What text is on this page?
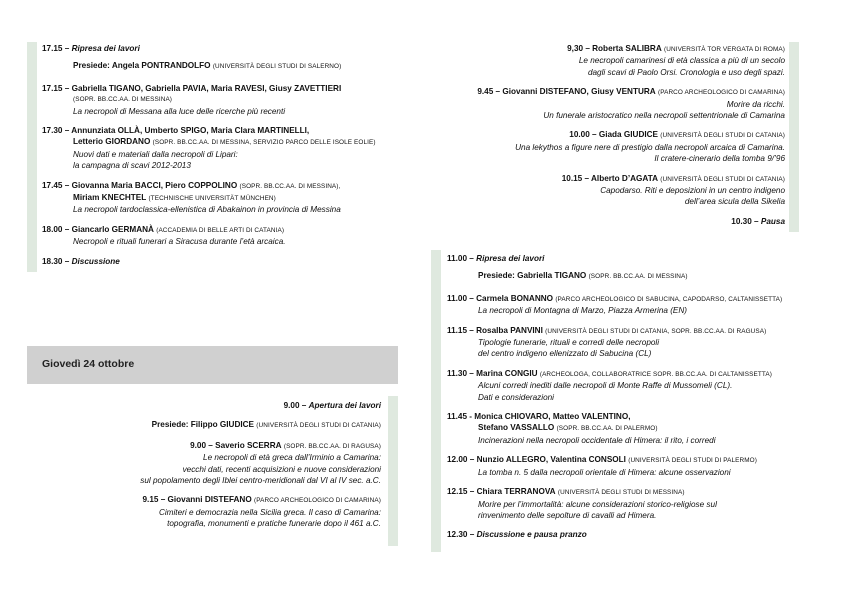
17.15 – Ripresa dei lavori
Presiede: Angela PONTRANDOLFO (UNIVERSITÀ DEGLI STUDI DI SALERNO)
17.15 – Gabriella TIGANO, Gabriella PAVIA, Maria RAVESI, Giusy ZAVETTIERI
(SOPR. BB.CC.AA. DI MESSINA)
La necropoli di Messana alla luce delle ricerche più recenti
17.30 – Annunziata OLLÀ, Umberto SPIGO, Maria Clara MARTINELLI,
Letterio GIORDANO (SOPR. BB.CC.AA. DI MESSINA, SERVIZIO PARCO DELLE ISOLE EOLIE)
Nuovi dati e materiali dalla necropoli di Lipari:
la campagna di scavi 2012-2013
17.45 – Giovanna Maria BACCI, Piero COPPOLINO (SOPR. BB.CC.AA. DI MESSINA),
Miriam KNECHTEL (TECHNISCHE UNIVERSITÄT MÜNCHEN)
La necropoli tardoclassica-ellenistica di Abakainon in provincia di Messina
18.00 – Giancarlo GERMANÀ (ACCADEMIA DI BELLE ARTI DI CATANIA)
Necropoli e rituali funerari a Siracusa durante l’età arcaica.
18.30 – Discussione
Giovedì 24 ottobre
9.00 – Apertura dei lavori
Presiede: Filippo GIUDICE (UNIVERSITÀ DEGLI STUDI DI CATANIA)
9.00 – Saverio SCERRA (SOPR. BB.CC.AA. DI RAGUSA)
Le necropoli di età greca dall’Irminio a Camarina:
vecchi dati, recenti acquisizioni e nuove considerazioni
sul popolamento degli Iblei centro-meridionali dal VI al IV sec. a.C.
9.15 – Giovanni DISTEFANO (PARCO ARCHEOLOGICO DI CAMARINA)
Cimiteri e democrazia nella Sicilia greca. Il caso di Camarina:
topografia, monumenti e pratiche funerarie dopo il 461 a.C.
9,30 – Roberta SALIBRA (UNIVERSITÀ TOR VERGATA DI ROMA)
Le necropoli camarinesi di età classica a più di un secolo
dagli scavi di Paolo Orsi. Cronologia e uso degli spazi.
9.45 – Giovanni DISTEFANO, Giusy VENTURA (PARCO ARCHEOLOGICO DI CAMARINA)
Morire da ricchi.
Un funerale aristocratico nella necropoli settentrionale di Camarina
10.00 – Giada GIUDICE (UNIVERSITÀ DEGLI STUDI DI CATANIA)
Una lekythos a figure nere di prestigio dalla necropoli arcaica di Camarina.
Il cratere-cinerario della tomba 9/’96
10.15 – Alberto D’AGATA (UNIVERSITÀ DEGLI STUDI DI CATANIA)
Capodarso. Riti e deposizioni in un centro indigeno
dell’area sicula della Sikelia
10.30 – Pausa
11.00 – Ripresa dei lavori
Presiede: Gabriella TIGANO (SOPR. BB.CC.AA. DI MESSINA)
11.00 – Carmela BONANNO (PARCO ARCHEOLOGICO DI SABUCINA, CAPODARSO, CALTANISSETTA)
La necropoli di Montagna di Marzo, Piazza Armerina (EN)
11.15 – Rosalba PANVINI (UNIVERSITÀ DEGLI STUDI DI CATANIA, SOPR. BB.CC.AA. DI RAGUSA)
Tipologie funerarie, rituali e corredi delle necropoli
del centro indigeno ellenizzato di Sabucina (CL)
11.30 – Marina CONGIU (ARCHEOLOGA, COLLABORATRICE SOPR. BB.CC.AA. DI CALTANISSETTA)
Alcuni corredi inediti dalle necropoli di Monte Raffe di Mussomeli (CL).
Dati e considerazioni
11.45 - Monica CHIOVARO, Matteo VALENTINO,
Stefano VASSALLO (SOPR. BB.CC.AA. DI PALERMO)
Incinerazioni nella necropoli occidentale di Himera: il rito, i corredi
12.00 – Nunzio ALLEGRO, Valentina CONSOLI (UNIVERSITÀ DEGLI STUDI DI PALERMO)
La tomba n. 5 dalla necropoli orientale di Himera: alcune osservazioni
12.15 – Chiara TERRANOVA (UNIVERSITÀ DEGLI STUDI DI MESSINA)
Morire per l’immortalità: alcune considerazioni storico-religiose sul
rinvenimento delle sepolture di cavalli ad Himera.
12.30 – Discussione e pausa pranzo
